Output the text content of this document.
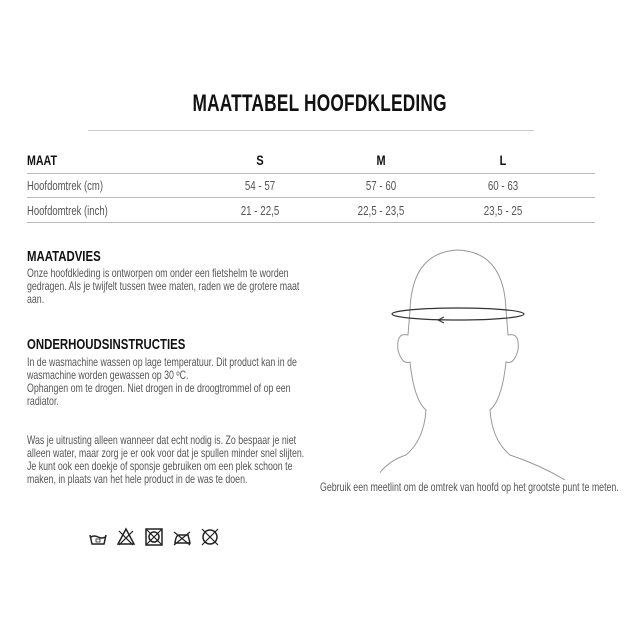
MAATTABEL HOOFDKLEDING
MAAT	S	M	L
Hoofdomtrek (cm)	54 - 57	57 - 60	60 - 63
Hoofdomtrek (inch)	21 - 22,5	22,5 - 23,5	23,5 - 25
MAATADVIES
Onze hoofdkleding is ontworpen om onder een fietshelm te worden gedragen. Als je twijfelt tussen twee maten, raden we de grotere maat aan.
ONDERHOUDSINSTRUCTIES
In de wasmachine wassen op lage temperatuur. Dit product kan in de wasmachine worden gewassen op 30 ºC.
Ophangen om te drogen. Niet drogen in de droogtrommel of op een radiator.
Was je uitrusting alleen wanneer dat echt nodig is. Zo bespaar je niet alleen water, maar zorg je er ook voor dat je spullen minder snel slijten. Je kunt ook een doekje of sponsje gebruiken om een plek schoon te maken, in plaats van het hele product in de was te doen.
Gebruik een meetlint om de omtrek van hoofd op het grootste punt te meten.
